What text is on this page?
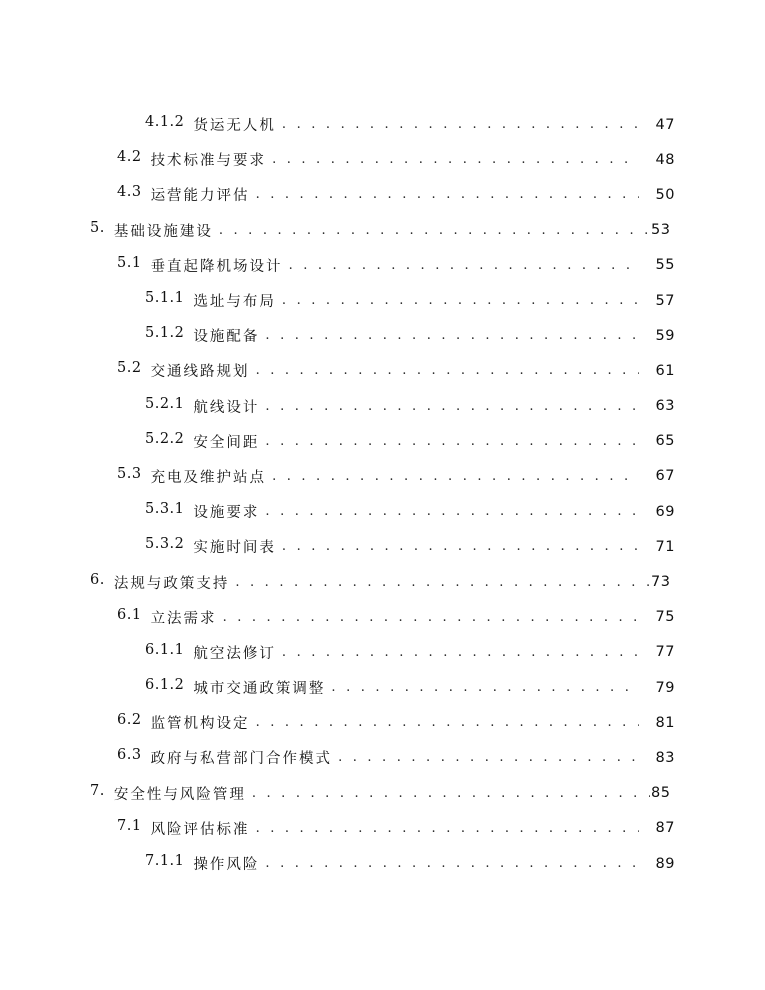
4.1.2 货运无人机 . . .	47
4.2 技术标准与要求 . . .	48
4.3 运营能力评估 . . .	50
5. 基础设施建设 . . .	53
5.1 垂直起降机场设计 . . .	55
5.1.1 选址与布局 . . .	57
5.1.2 设施配备 . . .	59
5.2 交通线路规划 . . .	61
5.2.1 航线设计 . . .	63
5.2.2 安全间距 . . .	65
5.3 充电及维护站点 . . .	67
5.3.1 设施要求 . . .	69
5.3.2 实施时间表 . . .	71
6. 法规与政策支持 . . .	73
6.1 立法需求 . . .	75
6.1.1 航空法修订 . . .	77
6.1.2 城市交通政策调整 . . .	79
6.2 监管机构设定 . . .	81
6.3 政府与私营部门合作模式 . . .	83
7. 安全性与风险管理 . . .	85
7.1 风险评估标准 . . .	87
7.1.1 操作风险 . . .	89
